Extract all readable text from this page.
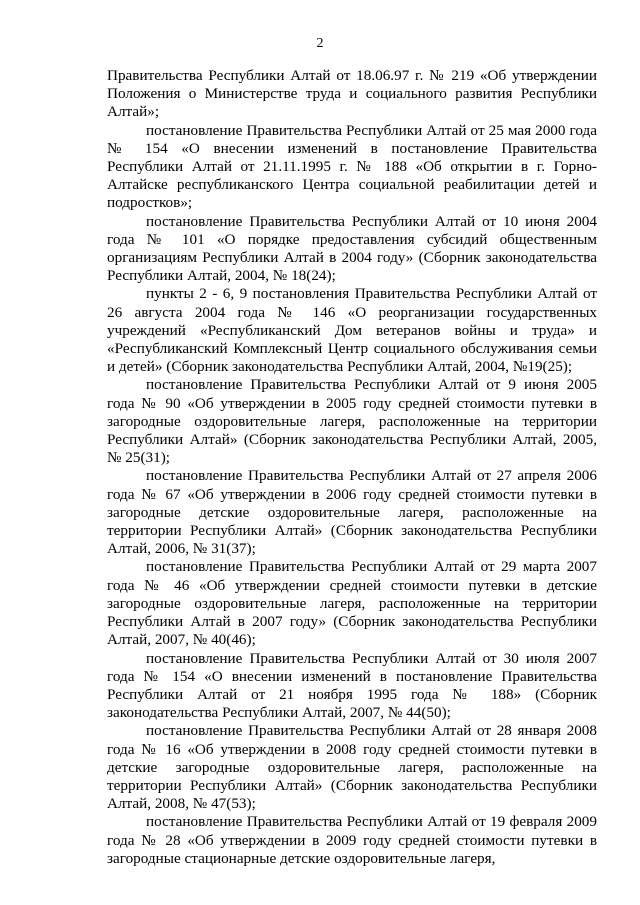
2

Правительства Республики Алтай от 18.06.97 г. № 219 «Об утверждении Положения о Министерстве труда и социального развития Республики Алтай»;

постановление Правительства Республики Алтай от 25 мая 2000 года № 154 «О внесении изменений в постановление Правительства Республики Алтай от 21.11.1995 г. № 188 «Об открытии в г. Горно-Алтайске республиканского Центра социальной реабилитации детей и подростков»;

постановление Правительства Республики Алтай от 10 июня 2004 года № 101 «О порядке предоставления субсидий общественным организациям Республики Алтай в 2004 году» (Сборник законодательства Республики Алтай, 2004, № 18(24);

пункты 2 - 6, 9 постановления Правительства Республики Алтай от 26 августа 2004 года № 146 «О реорганизации государственных учреждений «Республиканский Дом ветеранов войны и труда» и «Республиканский Комплексный Центр социального обслуживания семьи и детей» (Сборник законодательства Республики Алтай, 2004, №19(25);

постановление Правительства Республики Алтай от 9 июня 2005 года № 90 «Об утверждении в 2005 году средней стоимости путевки в загородные оздоровительные лагеря, расположенные на территории Республики Алтай» (Сборник законодательства Республики Алтай, 2005, № 25(31);

постановление Правительства Республики Алтай от 27 апреля 2006 года № 67 «Об утверждении в 2006 году средней стоимости путевки в загородные детские оздоровительные лагеря, расположенные на территории Республики Алтай» (Сборник законодательства Республики Алтай, 2006, № 31(37);

постановление Правительства Республики Алтай от 29 марта 2007 года № 46 «Об утверждении средней стоимости путевки в детские загородные оздоровительные лагеря, расположенные на территории Республики Алтай в 2007 году» (Сборник законодательства Республики Алтай, 2007, № 40(46);

постановление Правительства Республики Алтай от 30 июля 2007 года № 154 «О внесении изменений в постановление Правительства Республики Алтай от 21 ноября 1995 года № 188» (Сборник законодательства Республики Алтай, 2007, № 44(50);

постановление Правительства Республики Алтай от 28 января 2008 года № 16 «Об утверждении в 2008 году средней стоимости путевки в детские загородные оздоровительные лагеря, расположенные на территории Республики Алтай» (Сборник законодательства Республики Алтай, 2008, № 47(53);

постановление Правительства Республики Алтай от 19 февраля 2009 года № 28 «Об утверждении в 2009 году средней стоимости путевки в загородные стационарные детские оздоровительные лагеря,
